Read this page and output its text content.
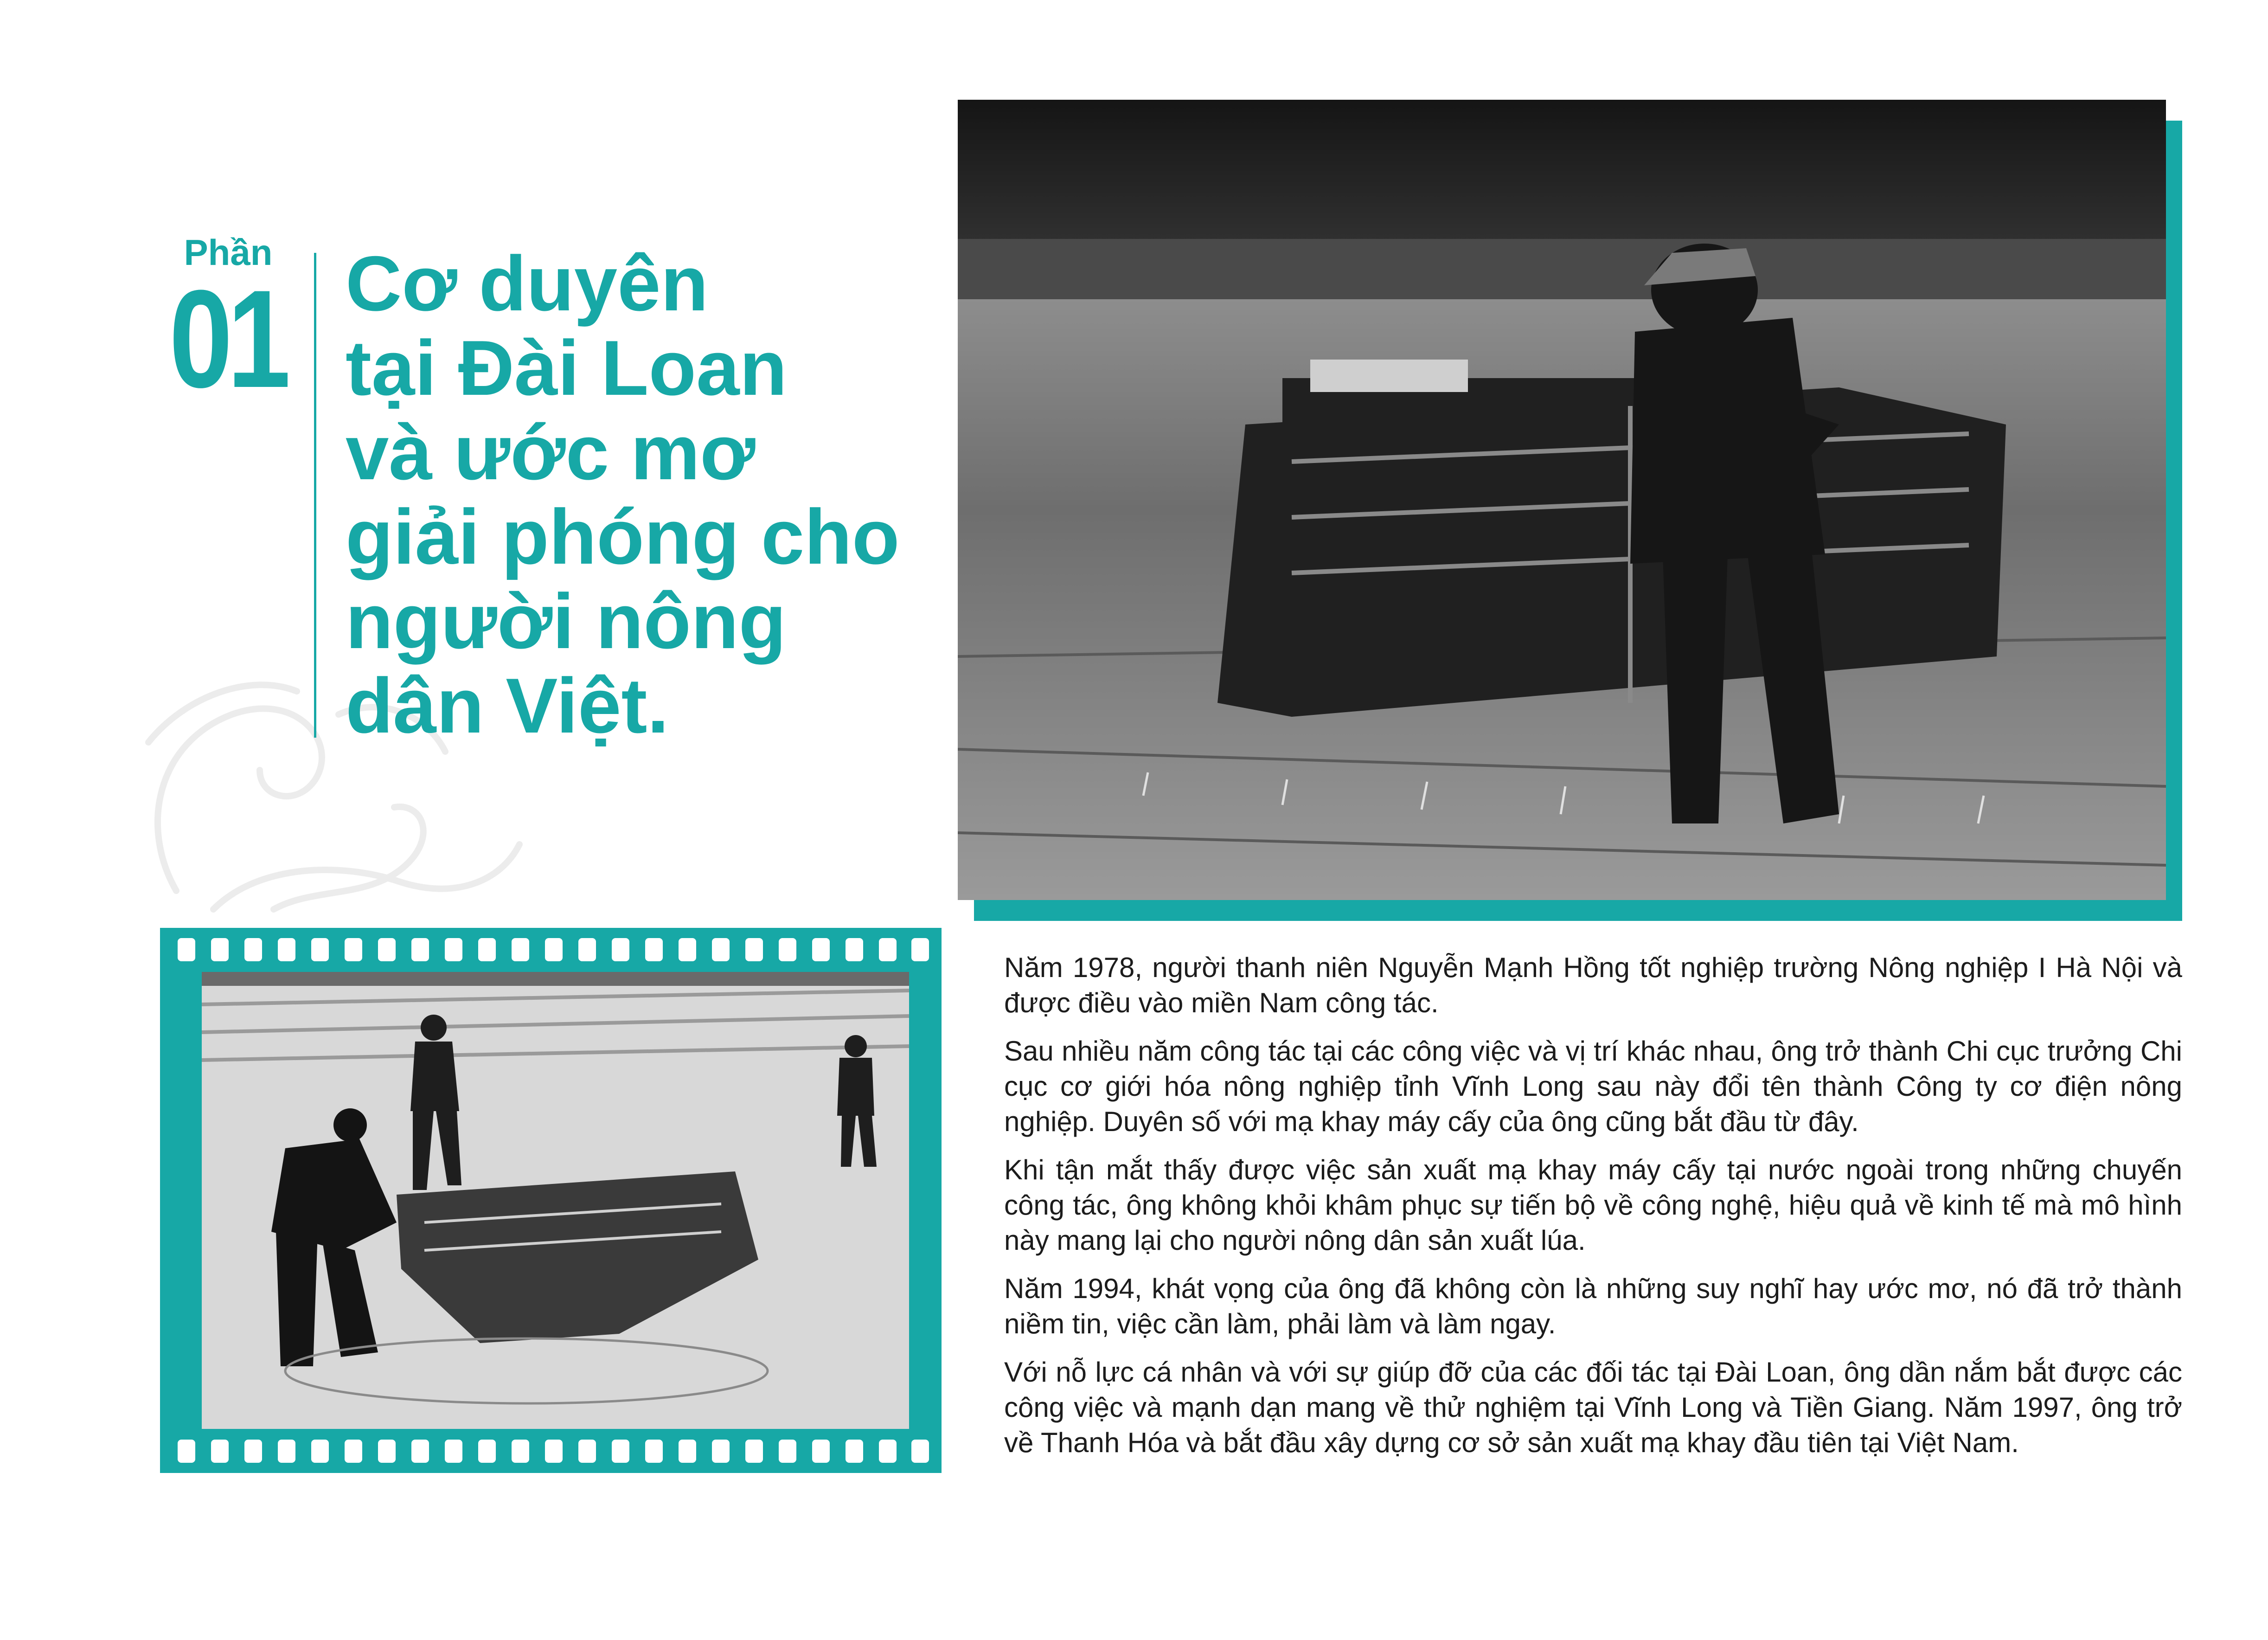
Phần
01 Cơ duyên
tại Đài Loan
và ước mơ
giải phóng cho
người nông
dân Việt.

Năm 1978, người thanh niên Nguyễn Mạnh Hồng tốt nghiệp trường Nông nghiệp I Hà Nội và được điều vào miền Nam công tác.

Sau nhiều năm công tác tại các công việc và vị trí khác nhau, ông trở thành Chi cục trưởng Chi cục cơ giới hóa nông nghiệp tỉnh Vĩnh Long sau này đổi tên thành Công ty cơ điện nông nghiệp. Duyên số với mạ khay máy cấy của ông cũng bắt đầu từ đây.

Khi tận mắt thấy được việc sản xuất mạ khay máy cấy tại nước ngoài trong những chuyến công tác, ông không khỏi khâm phục sự tiến bộ về công nghệ, hiệu quả về kinh tế mà mô hình này mang lại cho người nông dân sản xuất lúa.

Năm 1994, khát vọng của ông đã không còn là những suy nghĩ hay ước mơ, nó đã trở thành niềm tin, việc cần làm, phải làm và làm ngay.

Với nỗ lực cá nhân và với sự giúp đỡ của các đối tác tại Đài Loan, ông dần nắm bắt được các công việc và mạnh dạn mang về thử nghiệm tại Vĩnh Long và Tiền Giang. Năm 1997, ông trở về Thanh Hóa và bắt đầu xây dựng cơ sở sản xuất mạ khay đầu tiên tại Việt Nam.
